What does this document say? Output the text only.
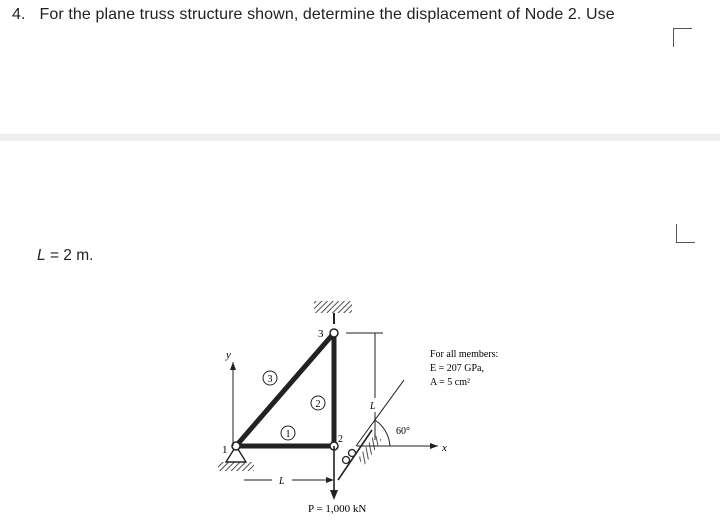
4. For the plane truss structure shown, determine the displacement of Node 2. Use
L = 2 m.
3
2
1
1
2
3
y
x
L
L
60°
P = 1,000 kN
For all members:
E = 207 GPa,
A = 5 cm²
